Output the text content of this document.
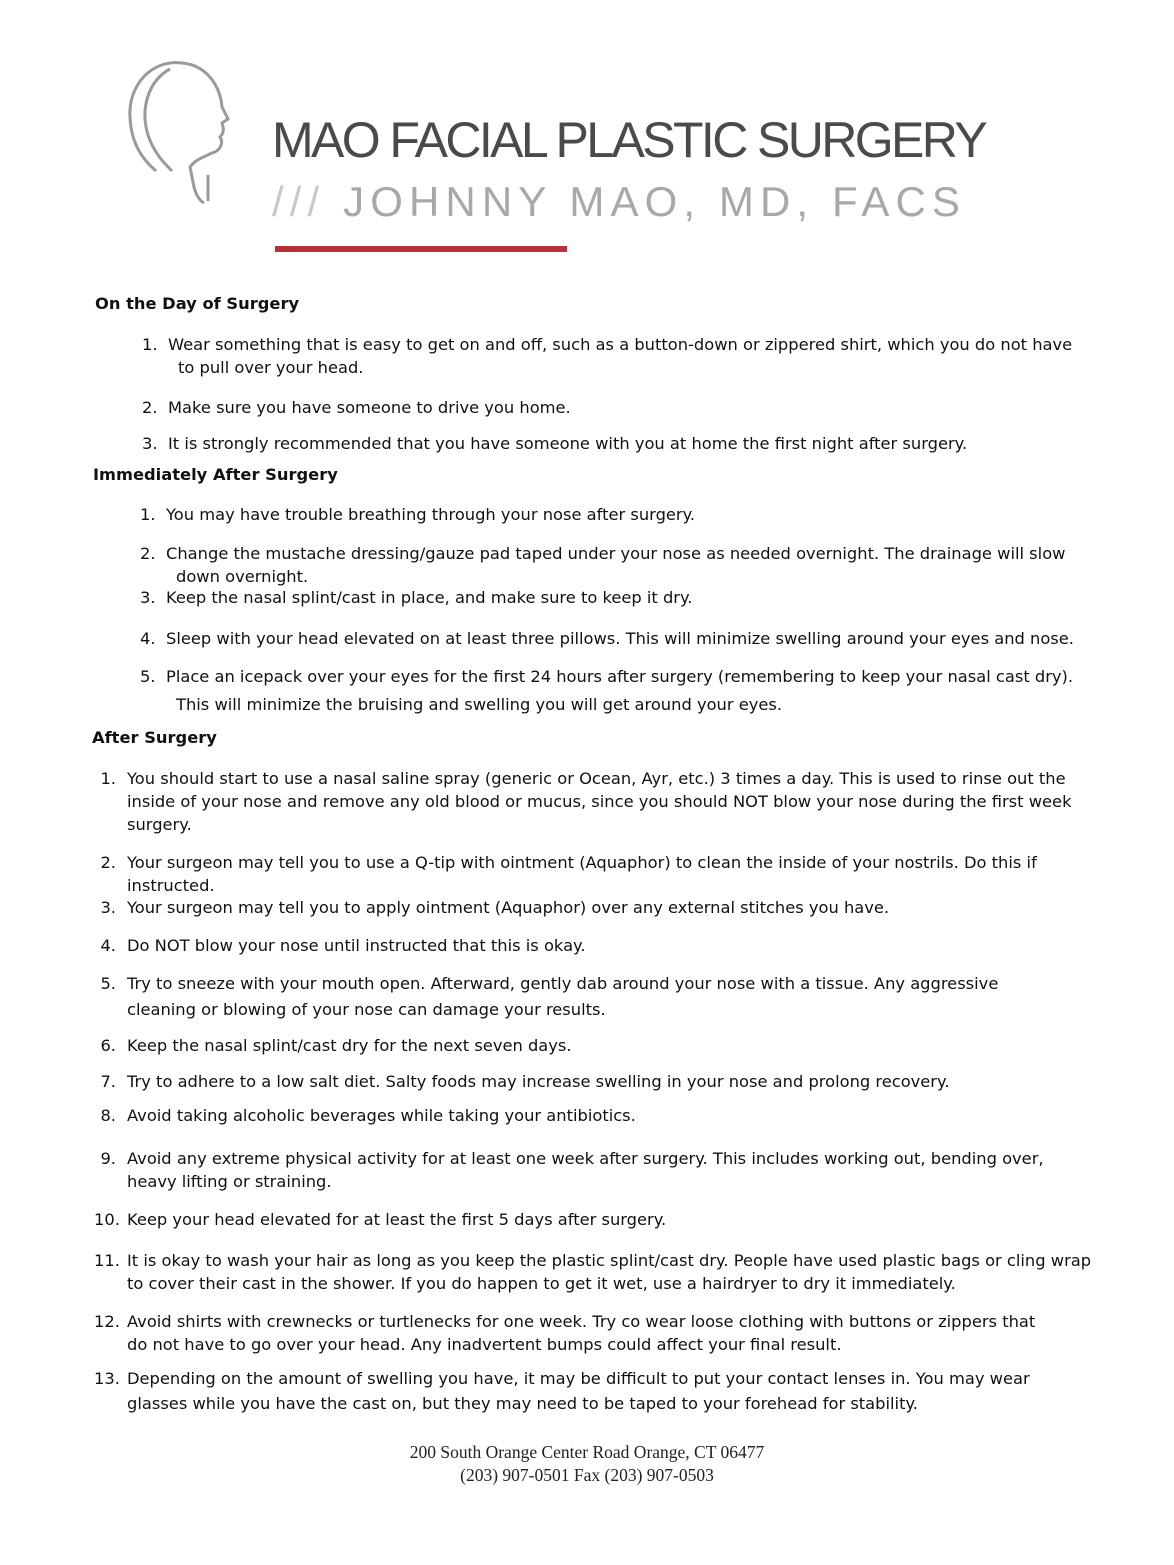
MAO FACIAL PLASTIC SURGERY
/// JOHNNY MAO, MD, FACS
On the Day of Surgery
1. Wear something that is easy to get on and off, such as a button-down or zippered shirt, which you do not have
to pull over your head.
2. Make sure you have someone to drive you home.
3. It is strongly recommended that you have someone with you at home the first night after surgery.
Immediately After Surgery
1. You may have trouble breathing through your nose after surgery.
2. Change the mustache dressing/gauze pad taped under your nose as needed overnight. The drainage will slow
down overnight.
3. Keep the nasal splint/cast in place, and make sure to keep it dry.
4. Sleep with your head elevated on at least three pillows. This will minimize swelling around your eyes and nose.
5. Place an icepack over your eyes for the first 24 hours after surgery (remembering to keep your nasal cast dry).
This will minimize the bruising and swelling you will get around your eyes.
After Surgery
1. You should start to use a nasal saline spray (generic or Ocean, Ayr, etc.) 3 times a day. This is used to rinse out the
inside of your nose and remove any old blood or mucus, since you should NOT blow your nose during the first week
surgery.
2. Your surgeon may tell you to use a Q-tip with ointment (Aquaphor) to clean the inside of your nostrils. Do this if
instructed.
3. Your surgeon may tell you to apply ointment (Aquaphor) over any external stitches you have.
4. Do NOT blow your nose until instructed that this is okay.
5. Try to sneeze with your mouth open. Afterward, gently dab around your nose with a tissue. Any aggressive
cleaning or blowing of your nose can damage your results.
6. Keep the nasal splint/cast dry for the next seven days.
7. Try to adhere to a low salt diet. Salty foods may increase swelling in your nose and prolong recovery.
8. Avoid taking alcoholic beverages while taking your antibiotics.
9. Avoid any extreme physical activity for at least one week after surgery. This includes working out, bending over,
heavy lifting or straining.
10. Keep your head elevated for at least the first 5 days after surgery.
11. It is okay to wash your hair as long as you keep the plastic splint/cast dry. People have used plastic bags or cling wrap
to cover their cast in the shower. If you do happen to get it wet, use a hairdryer to dry it immediately.
12. Avoid shirts with crewnecks or turtlenecks for one week. Try co wear loose clothing with buttons or zippers that
do not have to go over your head. Any inadvertent bumps could affect your final result.
13. Depending on the amount of swelling you have, it may be difficult to put your contact lenses in. You may wear
glasses while you have the cast on, but they may need to be taped to your forehead for stability.
200 South Orange Center Road Orange, CT 06477
(203) 907-0501 Fax (203) 907-0503
